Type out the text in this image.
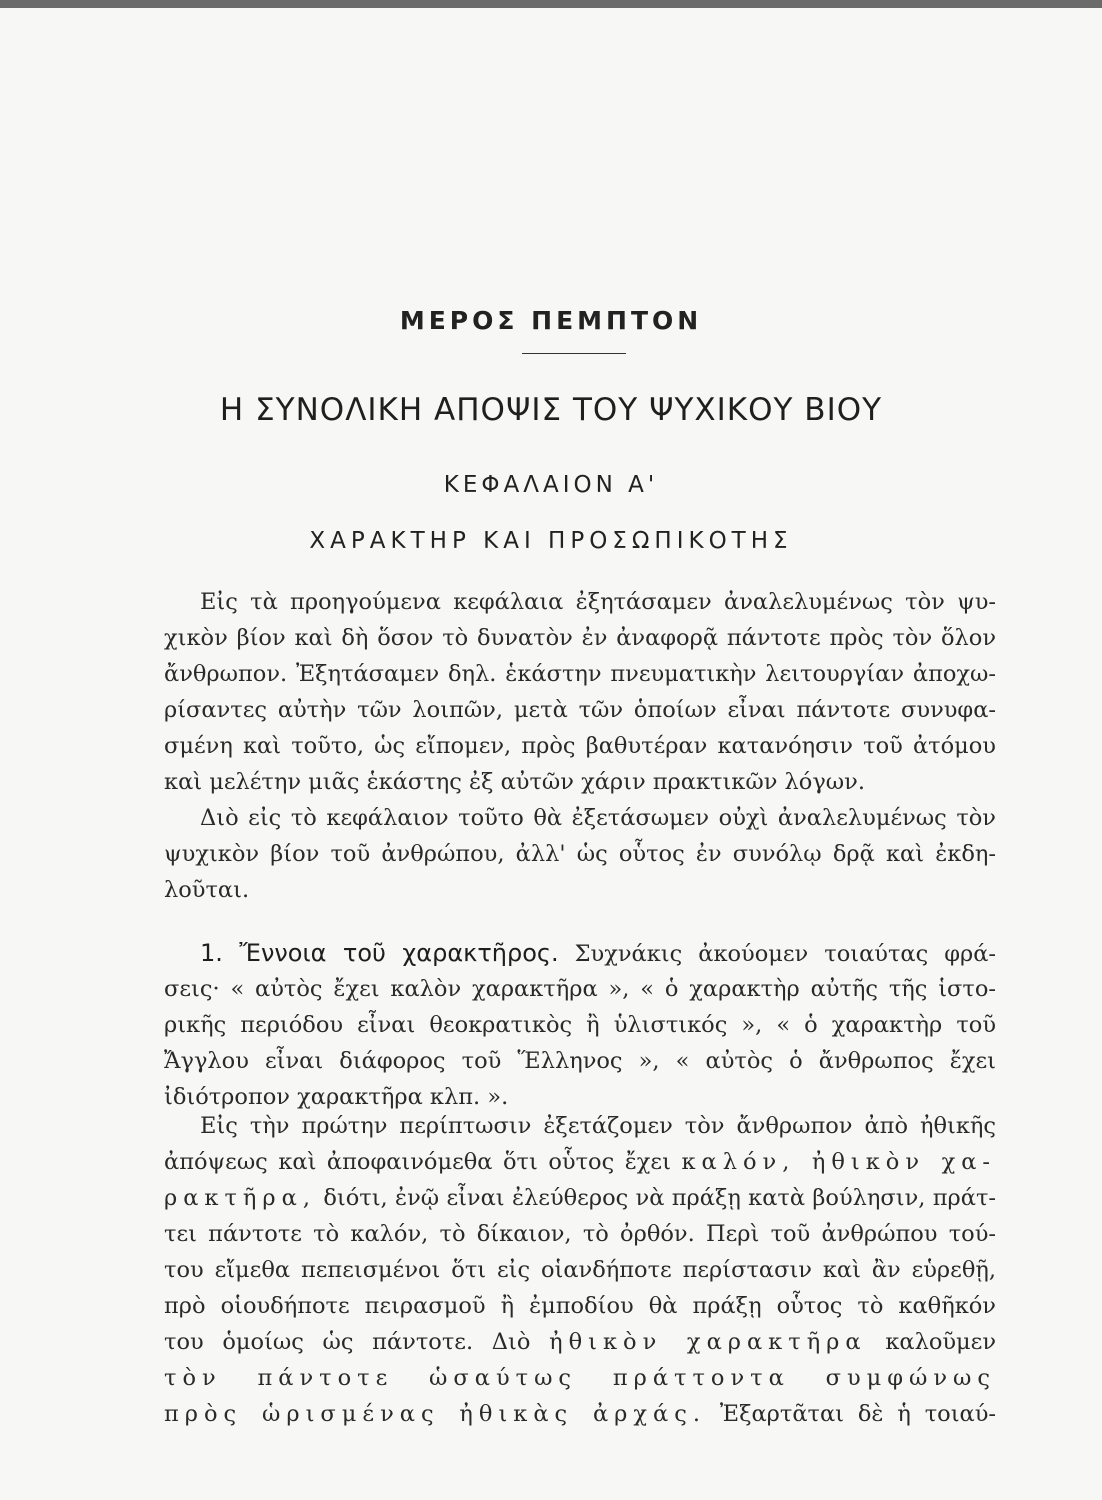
ΜΕΡΟΣ ΠΕΜΠΤΟΝ
Η ΣΥΝΟΛΙΚΗ ΑΠΟΨΙΣ ΤΟΥ ΨΥΧΙΚΟΥ ΒΙΟΥ
ΚΕΦΑΛΑΙΟΝ Α'
ΧΑΡΑΚΤΗΡ ΚΑΙ ΠΡΟΣΩΠΙΚΟΤΗΣ
Εἰς τὰ προηγούμενα κεφάλαια ἐξητάσαμεν ἀναλελυμένως τὸν ψυ-
χικὸν βίον καὶ δὴ ὅσον τὸ δυνατὸν ἐν ἀναφορᾷ πάντοτε πρὸς τὸν ὅλον
ἄνθρωπον. Ἐξητάσαμεν δηλ. ἑκάστην πνευματικὴν λειτουργίαν ἀποχω-
ρίσαντες αὐτὴν τῶν λοιπῶν, μετὰ τῶν ὁποίων εἶναι πάντοτε συνυφα-
σμένη καὶ τοῦτο, ὡς εἴπομεν, πρὸς βαθυτέραν κατανόησιν τοῦ ἀτόμου
καὶ μελέτην μιᾶς ἑκάστης ἐξ αὐτῶν χάριν πρακτικῶν λόγων.
Διὸ εἰς τὸ κεφάλαιον τοῦτο θὰ ἐξετάσωμεν οὐχὶ ἀναλελυμένως τὸν
ψυχικὸν βίον τοῦ ἀνθρώπου, ἀλλ' ὡς οὗτος ἐν συνόλῳ δρᾷ καὶ ἐκδη-
λοῦται.
1. Ἔννοια τοῦ χαρακτῆρος. Συχνάκις ἀκούομεν τοιαύτας φρά-
σεις· « αὐτὸς ἔχει καλὸν χαρακτῆρα », « ὁ χαρακτὴρ αὐτῆς τῆς ἱστο-
ρικῆς περιόδου εἶναι θεοκρατικὸς ἢ ὑλιστικός », « ὁ χαρακτὴρ τοῦ
Ἄγγλου εἶναι διάφορος τοῦ Ἕλληνος », « αὐτὸς ὁ ἄνθρωπος ἔχει
ἰδιότροπον χαρακτῆρα κλπ. ».
Εἰς τὴν πρώτην περίπτωσιν ἐξετάζομεν τὸν ἄνθρωπον ἀπὸ ἠθικῆς
ἀπόψεως καὶ ἀποφαινόμεθα ὅτι οὗτος ἔχει καλόν, ἠθικὸν χα-
ρακτῆρα, διότι, ἐνῷ εἶναι ἐλεύθερος νὰ πράξῃ κατὰ βούλησιν, πράτ-
τει πάντοτε τὸ καλόν, τὸ δίκαιον, τὸ ὀρθόν. Περὶ τοῦ ἀνθρώπου τού-
του εἴμεθα πεπεισμένοι ὅτι εἰς οἱανδήποτε περίστασιν καὶ ἂν εὑρεθῇ,
πρὸ οἱουδήποτε πειρασμοῦ ἢ ἐμποδίου θὰ πράξῃ οὗτος τὸ καθῆκόν
του ὁμοίως ὡς πάντοτε. Διὸ ἠθικὸν χαρακτῆρα καλοῦμεν
τὸν πάντοτε ὡσαύτως πράττοντα συμφώνως
πρὸς ὡρισμένας ἠθικὰς ἀρχάς. Ἐξαρτᾶται δὲ ἡ τοιαύ-
